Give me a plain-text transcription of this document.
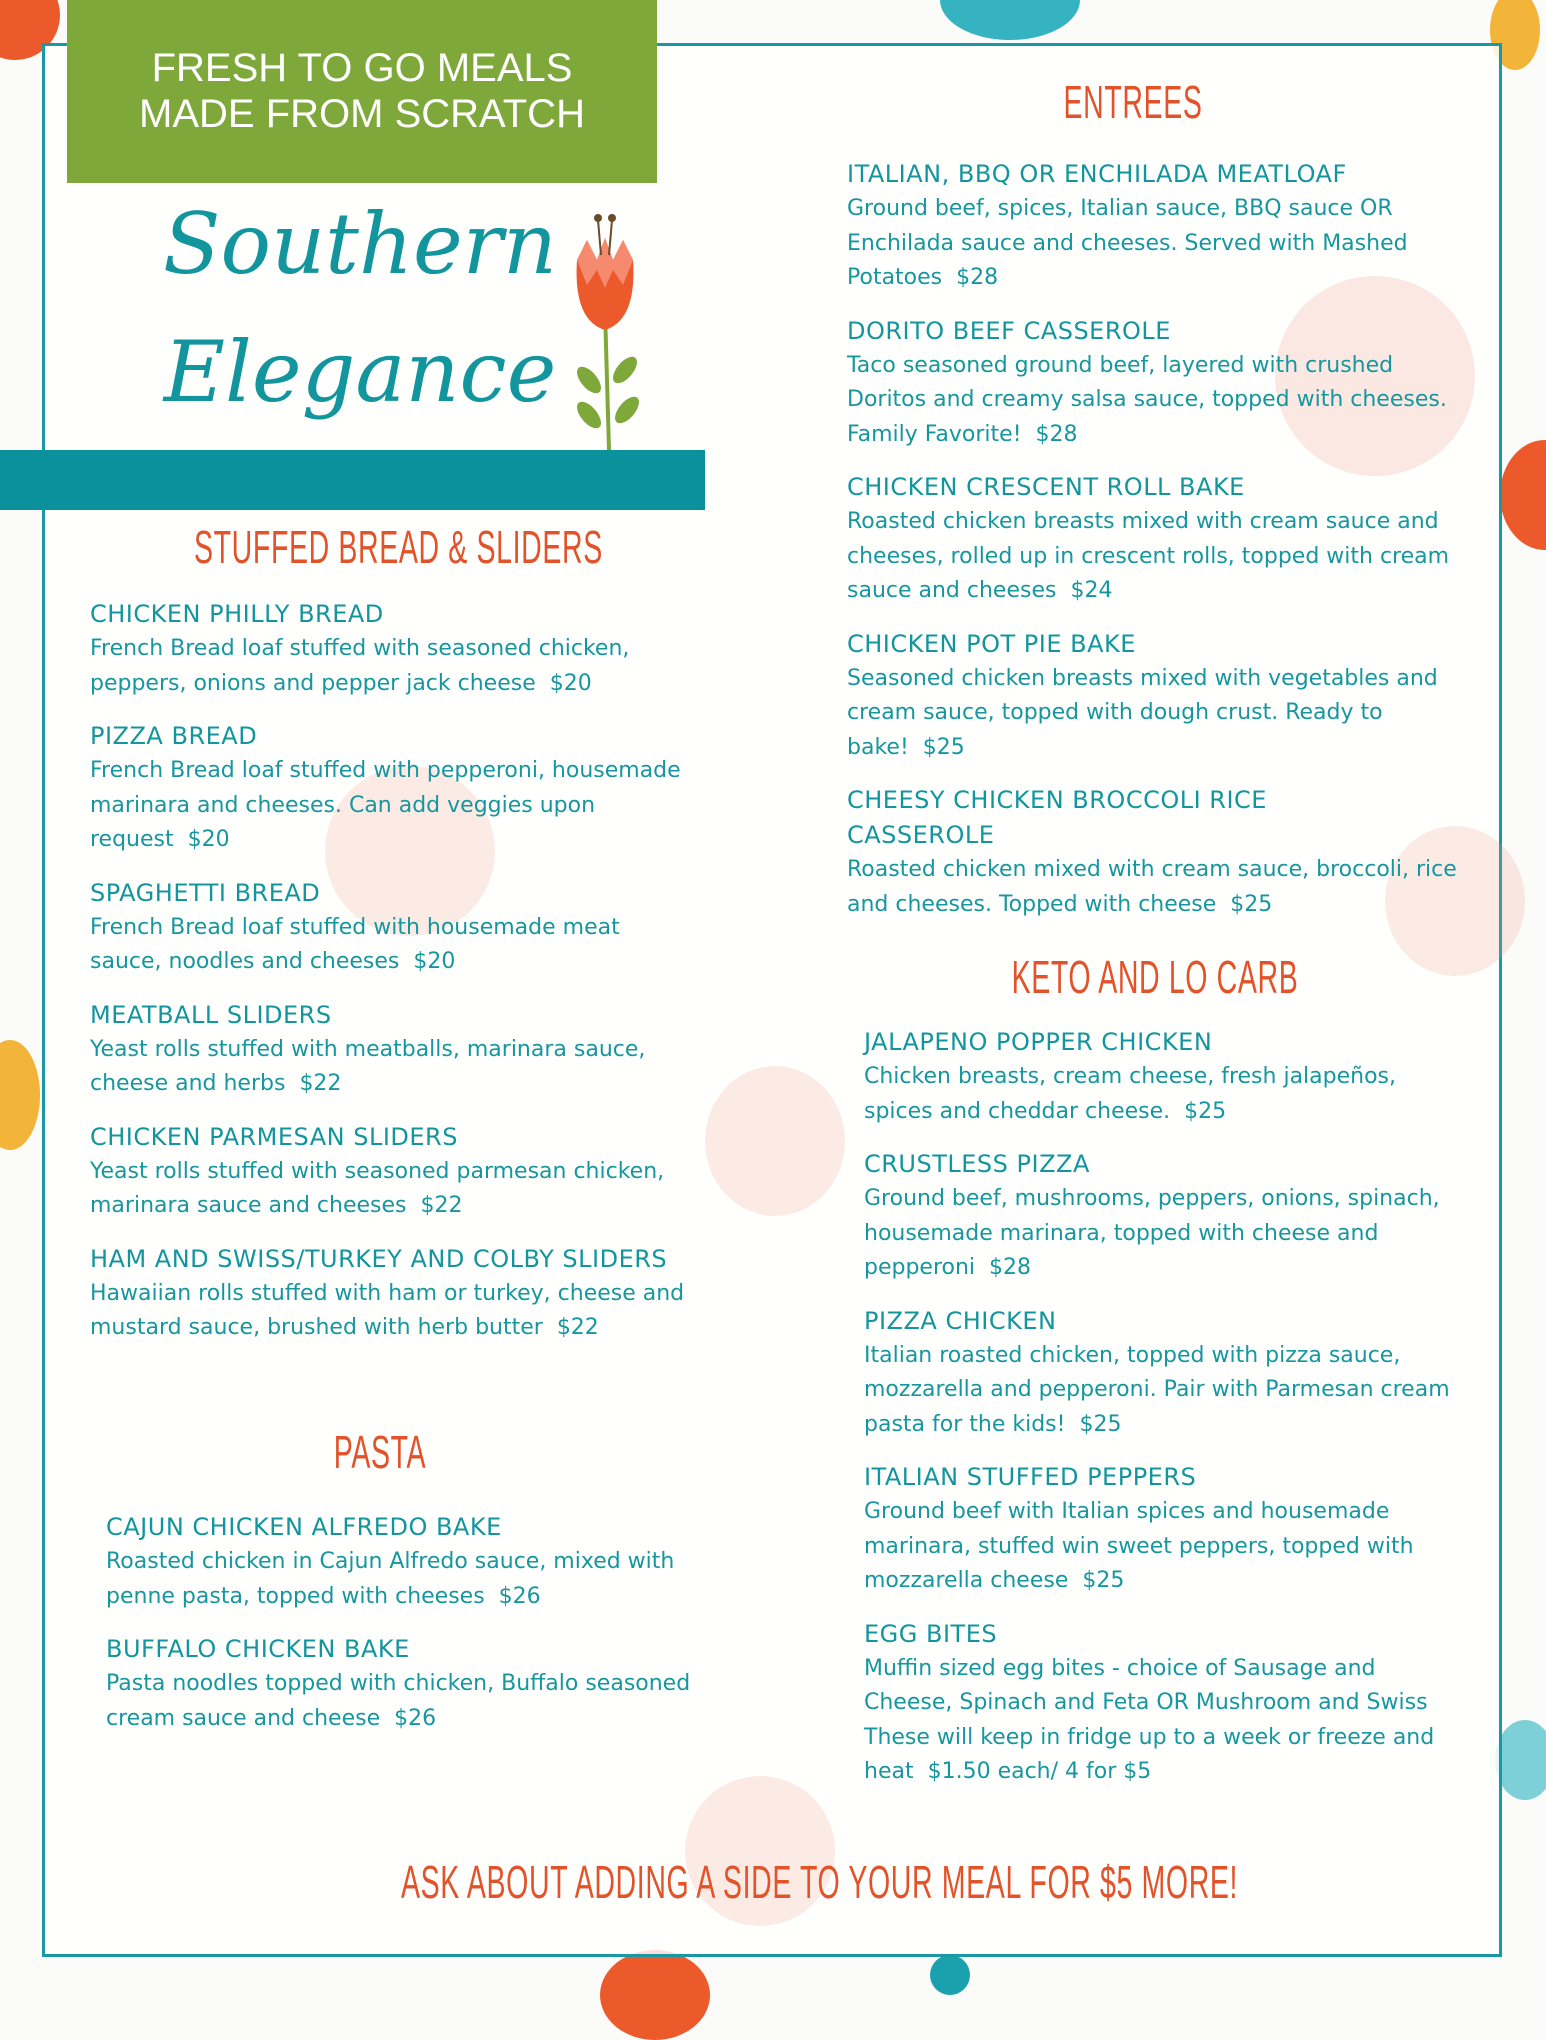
FRESH TO GO MEALS
MADE FROM SCRATCH
Southern
Elegance
STUFFED BREAD & SLIDERS
CHICKEN PHILLY BREAD
French Bread loaf stuffed with seasoned chicken, peppers, onions and pepper jack cheese $20
PIZZA BREAD
French Bread loaf stuffed with pepperoni, housemade marinara and cheeses. Can add veggies upon request $20
SPAGHETTI BREAD
French Bread loaf stuffed with housemade meat sauce, noodles and cheeses $20
MEATBALL SLIDERS
Yeast rolls stuffed with meatballs, marinara sauce, cheese and herbs $22
CHICKEN PARMESAN SLIDERS
Yeast rolls stuffed with seasoned parmesan chicken, marinara sauce and cheeses $22
HAM AND SWISS/TURKEY AND COLBY SLIDERS
Hawaiian rolls stuffed with ham or turkey, cheese and mustard sauce, brushed with herb butter $22
PASTA
CAJUN CHICKEN ALFREDO BAKE
Roasted chicken in Cajun Alfredo sauce, mixed with penne pasta, topped with cheeses $26
BUFFALO CHICKEN BAKE
Pasta noodles topped with chicken, Buffalo seasoned cream sauce and cheese $26
ENTREES
ITALIAN, BBQ OR ENCHILADA MEATLOAF
Ground beef, spices, Italian sauce, BBQ sauce OR Enchilada sauce and cheeses. Served with Mashed Potatoes $28
DORITO BEEF CASSEROLE
Taco seasoned ground beef, layered with crushed Doritos and creamy salsa sauce, topped with cheeses. Family Favorite! $28
CHICKEN CRESCENT ROLL BAKE
Roasted chicken breasts mixed with cream sauce and cheeses, rolled up in crescent rolls, topped with cream sauce and cheeses $24
CHICKEN POT PIE BAKE
Seasoned chicken breasts mixed with vegetables and cream sauce, topped with dough crust. Ready to bake! $25
CHEESY CHICKEN BROCCOLI RICE CASSEROLE
Roasted chicken mixed with cream sauce, broccoli, rice and cheeses. Topped with cheese $25
KETO AND LO CARB
JALAPENO POPPER CHICKEN
Chicken breasts, cream cheese, fresh jalapeños, spices and cheddar cheese. $25
CRUSTLESS PIZZA
Ground beef, mushrooms, peppers, onions, spinach, housemade marinara, topped with cheese and pepperoni $28
PIZZA CHICKEN
Italian roasted chicken, topped with pizza sauce, mozzarella and pepperoni. Pair with Parmesan cream pasta for the kids! $25
ITALIAN STUFFED PEPPERS
Ground beef with Italian spices and housemade marinara, stuffed win sweet peppers, topped with mozzarella cheese $25
EGG BITES
Muffin sized egg bites - choice of Sausage and Cheese, Spinach and Feta OR Mushroom and Swiss These will keep in fridge up to a week or freeze and heat $1.50 each/ 4 for $5
ASK ABOUT ADDING A SIDE TO YOUR MEAL FOR $5 MORE!
